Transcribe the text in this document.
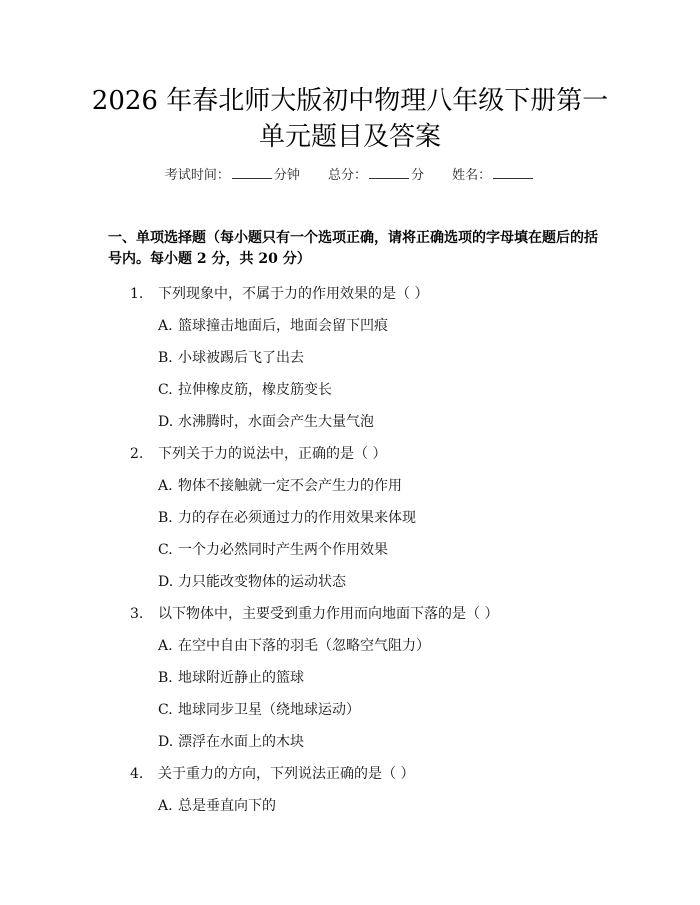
2026 年春北师大版初中物理八年级下册第一
单元题目及答案
考试时间：	分钟 总分：	分 姓名：
一、单项选择题（每小题只有一个选项正确，请将正确选项的字母填在题后的括号内。每小题 2 分，共 20 分）
1. 下列现象中，不属于力的作用效果的是（ ）
A. 篮球撞击地面后，地面会留下凹痕
B. 小球被踢后飞了出去
C. 拉伸橡皮筋，橡皮筋变长
D. 水沸腾时，水面会产生大量气泡
2. 下列关于力的说法中，正确的是（ ）
A. 物体不接触就一定不会产生力的作用
B. 力的存在必须通过力的作用效果来体现
C. 一个力必然同时产生两个作用效果
D. 力只能改变物体的运动状态
3. 以下物体中，主要受到重力作用而向地面下落的是（ ）
A. 在空中自由下落的羽毛（忽略空气阻力）
B. 地球附近静止的篮球
C. 地球同步卫星（绕地球运动）
D. 漂浮在水面上的木块
4. 关于重力的方向，下列说法正确的是（ ）
A. 总是垂直向下的
